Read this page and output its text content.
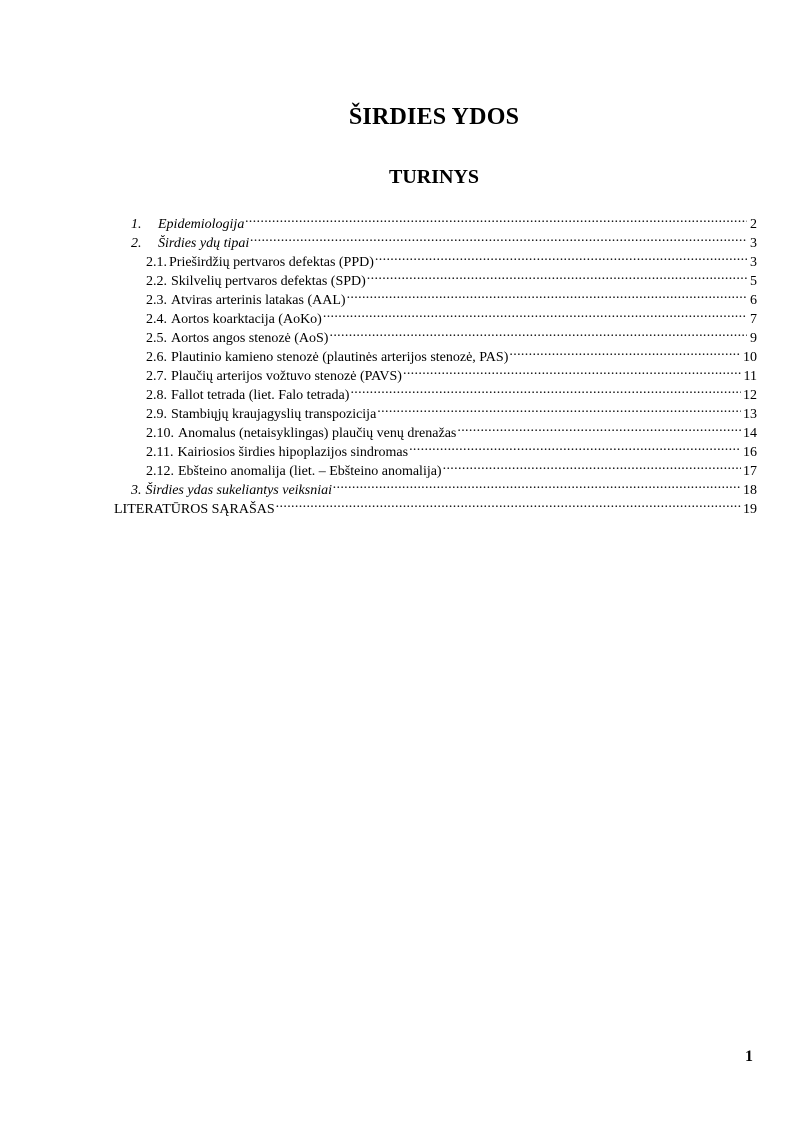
ŠIRDIES YDOS
TURINYS
1. Epidemiologija .....	2
2. Širdies ydų tipai .....	3
2.1. Prieširdžių pertvaros defektas (PPD) .....	3
2.2. Skilvelių pertvaros defektas (SPD) .....	5
2.3. Atviras arterinis latakas (AAL) .....	6
2.4. Aortos koarktacija (AoKo) .....	7
2.5. Aortos angos stenozė (AoS) .....	9
2.6. Plautinio kamieno stenozė (plautinės arterijos stenozė, PAS) .....	10
2.7. Plaučių arterijos vožtuvo stenozė (PAVS) .....	11
2.8. Fallot tetrada (liet. Falo tetrada) .....	12
2.9. Stambiųjų kraujagyslių transpozicija .....	13
2.10. Anomalus (netaisyklingas) plaučių venų drenažas .....	14
2.11. Kairiosios širdies hipoplazijos sindromas .....	16
2.12. Ebšteino anomalija (liet. – Ebšteino anomalija) .....	17
3. Širdies ydas sukeliantys veiksniai .....	18
LITERATŪROS SĄRAŠAS .....	19
1
